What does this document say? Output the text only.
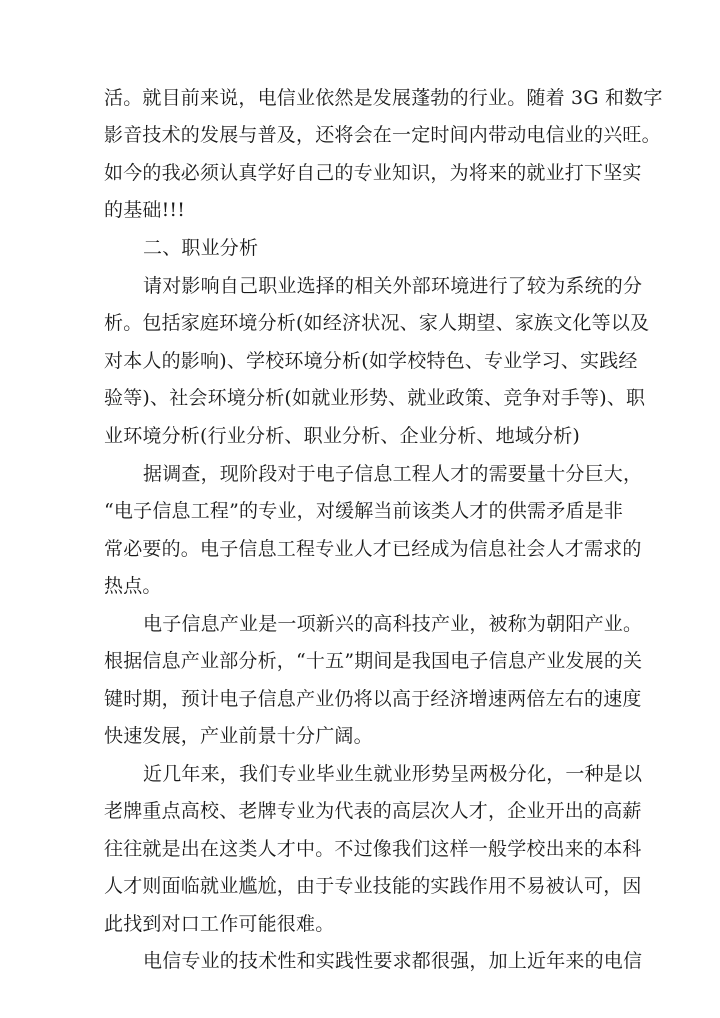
活。就目前来说，电信业依然是发展蓬勃的行业。随着 3G 和数字
影音技术的发展与普及，还将会在一定时间内带动电信业的兴旺。
如今的我必须认真学好自己的专业知识，为将来的就业打下坚实
的基础!!!
二、职业分析
请对影响自己职业选择的相关外部环境进行了较为系统的分
析。包括家庭环境分析(如经济状况、家人期望、家族文化等以及
对本人的影响)、学校环境分析(如学校特色、专业学习、实践经
验等)、社会环境分析(如就业形势、就业政策、竞争对手等)、职
业环境分析(行业分析、职业分析、企业分析、地域分析)
据调查，现阶段对于电子信息工程人才的需要量十分巨大，
“电子信息工程”的专业，对缓解当前该类人才的供需矛盾是非
常必要的。电子信息工程专业人才已经成为信息社会人才需求的
热点。
电子信息产业是一项新兴的高科技产业，被称为朝阳产业。
根据信息产业部分析，“十五”期间是我国电子信息产业发展的关
键时期，预计电子信息产业仍将以高于经济增速两倍左右的速度
快速发展，产业前景十分广阔。
近几年来，我们专业毕业生就业形势呈两极分化，一种是以
老牌重点高校、老牌专业为代表的高层次人才，企业开出的高薪
往往就是出在这类人才中。不过像我们这样一般学校出来的本科
人才则面临就业尴尬，由于专业技能的实践作用不易被认可，因
此找到对口工作可能很难。
电信专业的技术性和实践性要求都很强，加上近年来的电信
